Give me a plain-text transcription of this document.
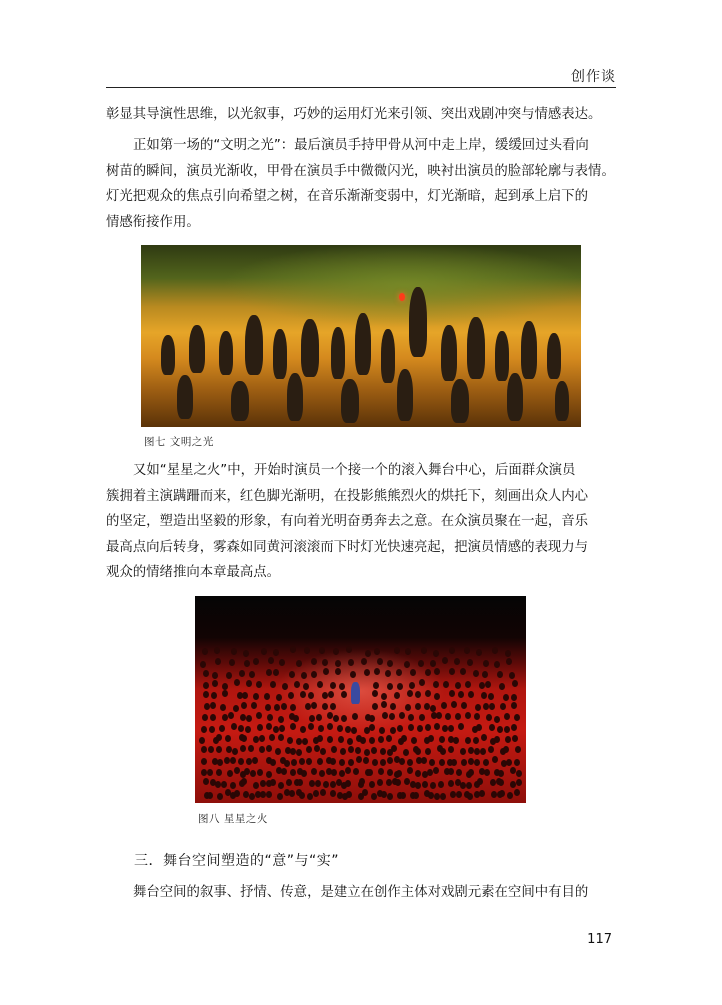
创作谈
彰显其导演性思维，以光叙事，巧妙的运用灯光来引领、突出戏剧冲突与情感表达。
正如第一场的“文明之光”：最后演员手持甲骨从河中走上岸，缓缓回过头看向
树苗的瞬间，演员光渐收，甲骨在演员手中微微闪光，映衬出演员的脸部轮廓与表情。
灯光把观众的焦点引向希望之树，在音乐渐渐变弱中，灯光渐暗，起到承上启下的
情感衔接作用。
图七 文明之光
又如“星星之火”中，开始时演员一个接一个的滚入舞台中心，后面群众演员
簇拥着主演蹒跚而来，红色脚光渐明，在投影熊熊烈火的烘托下，刻画出众人内心
的坚定，塑造出坚毅的形象，有向着光明奋勇奔去之意。在众演员聚在一起，音乐
最高点向后转身，雾森如同黄河滚滚而下时灯光快速亮起，把演员情感的表现力与
观众的情绪推向本章最高点。
图八 星星之火
三．舞台空间塑造的“意”与“实”
舞台空间的叙事、抒情、传意，是建立在创作主体对戏剧元素在空间中有目的
117
